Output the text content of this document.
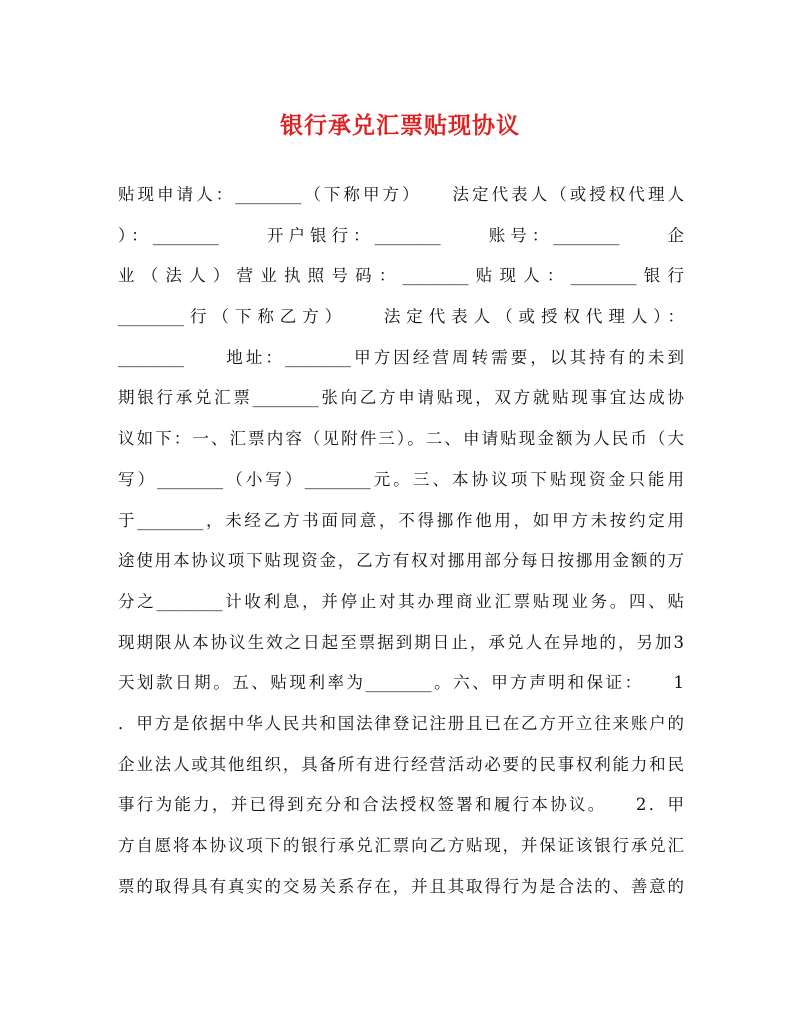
银行承兑汇票贴现协议
贴现申请人：________（下称甲方）　　法定代表人（或授权代理人
）：________　　开户银行：________　　账号：________　　企
业（法人）营业执照号码：________贴现人：________银行
________行（下称乙方）　　法定代表人（或授权代理人）：
________　　地址：________甲方因经营周转需要，以其持有的未到
期银行承兑汇票________张向乙方申请贴现，双方就贴现事宜达成协
议如下：一、汇票内容（见附件三）。二、申请贴现金额为人民币（大
写）________（小写）________元。三、本协议项下贴现资金只能用
于________，未经乙方书面同意，不得挪作他用，如甲方未按约定用
途使用本协议项下贴现资金，乙方有权对挪用部分每日按挪用金额的万
分之________计收利息，并停止对其办理商业汇票贴现业务。四、贴
现期限从本协议生效之日起至票据到期日止，承兑人在异地的，另加3
天划款日期。五、贴现利率为________。六、甲方声明和保证：　　1
．甲方是依据中华人民共和国法律登记注册且已在乙方开立往来账户的
企业法人或其他组织，具备所有进行经营活动必要的民事权利能力和民
事行为能力，并已得到充分和合法授权签署和履行本协议。　　2．甲
方自愿将本协议项下的银行承兑汇票向乙方贴现，并保证该银行承兑汇
票的取得具有真实的交易关系存在，并且其取得行为是合法的、善意的
